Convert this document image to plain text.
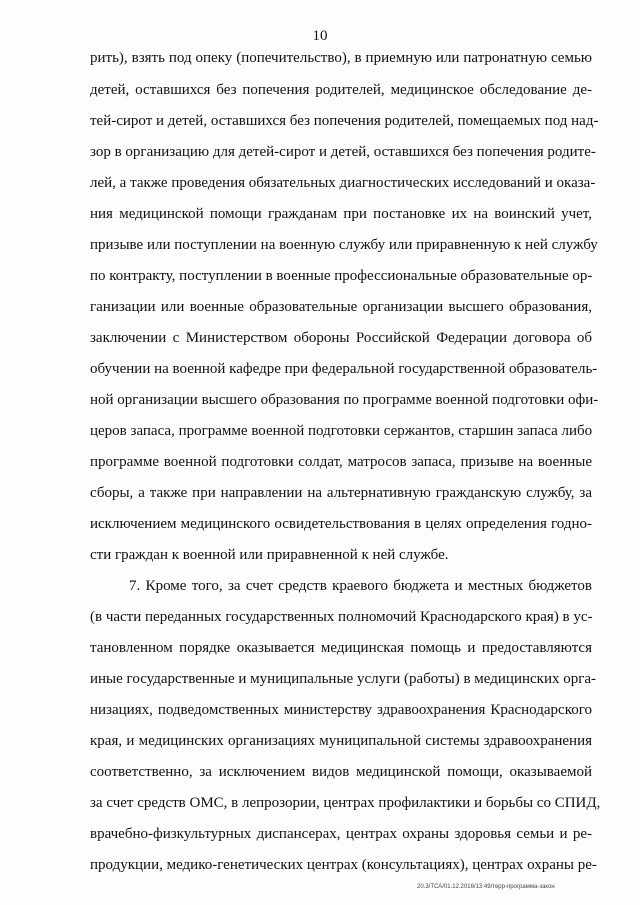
10
рить), взять под опеку (попечительство), в приемную или патронатную семью
детей, оставшихся без попечения родителей, медицинское обследование де-
тей-сирот и детей, оставшихся без попечения родителей, помещаемых под над-
зор в организацию для детей-сирот и детей, оставшихся без попечения родите-
лей, а также проведения обязательных диагностических исследований и оказа-
ния медицинской помощи гражданам при постановке их на воинский учет,
призыве или поступлении на военную службу или приравненную к ней службу
по контракту, поступлении в военные профессиональные образовательные ор-
ганизации или военные образовательные организации высшего образования,
заключении с Министерством обороны Российской Федерации договора об
обучении на военной кафедре при федеральной государственной образователь-
ной организации высшего образования по программе военной подготовки офи-
церов запаса, программе военной подготовки сержантов, старшин запаса либо
программе военной подготовки солдат, матросов запаса, призыве на военные
сборы, а также при направлении на альтернативную гражданскую службу, за
исключением медицинского освидетельствования в целях определения годно-
сти граждан к военной или приравненной к ней службе.
7. Кроме того, за счет средств краевого бюджета и местных бюджетов
(в части переданных государственных полномочий Краснодарского края) в ус-
тановленном порядке оказывается медицинская помощь и предоставляются
иные государственные и муниципальные услуги (работы) в медицинских орга-
низациях, подведомственных министерству здравоохранения Краснодарского
края, и медицинских организациях муниципальной системы здравоохранения
соответственно, за исключением видов медицинской помощи, оказываемой
за счет средств ОМС, в лепрозории, центрах профилактики и борьбы со СПИД,
врачебно-физкультурных диспансерах, центрах охраны здоровья семьи и ре-
продукции, медико-генетических центрах (консультациях), центрах охраны ре-
20.3/ТСА/01.12.2016/13:49/терр-программа-закон
